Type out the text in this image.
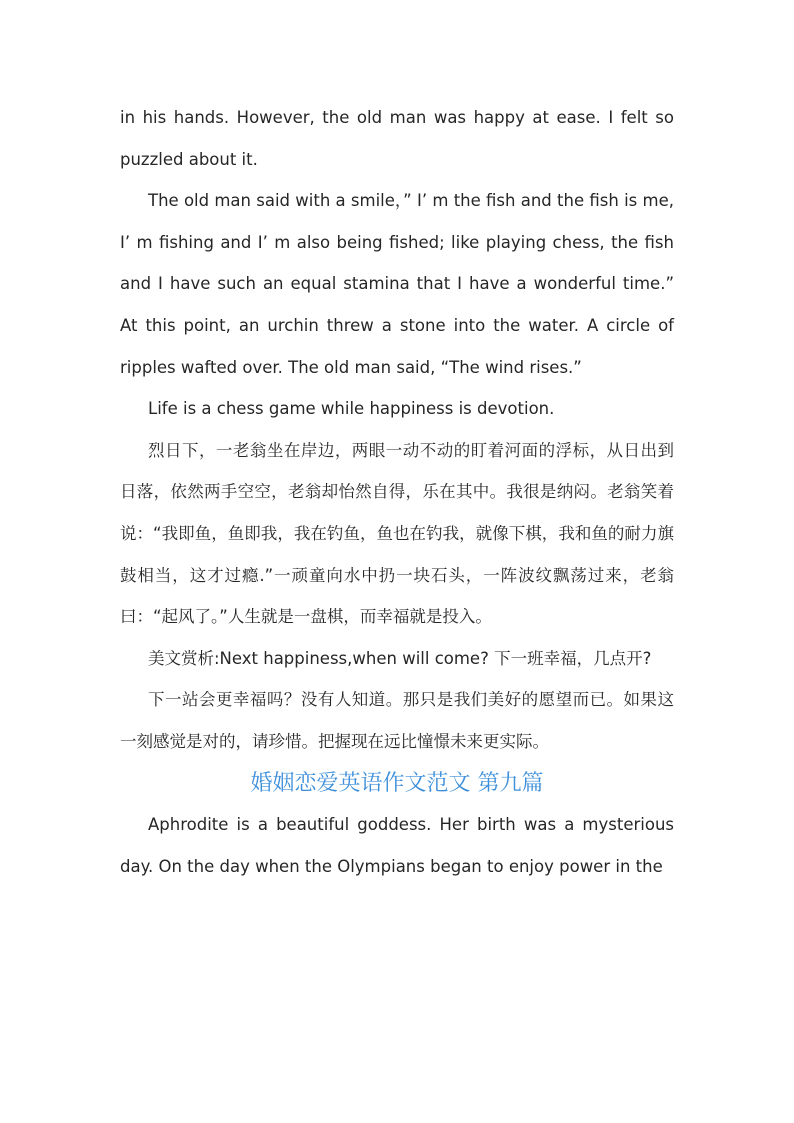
in his hands. However, the old man was happy at ease. I felt so puzzled about it.

The old man said with a smile，” I’ m the fish and the fish is me, I’ m fishing and I’ m also being fished; like playing chess, the fish and I have such an equal stamina that I have a wonderful time.” At this point, an urchin threw a stone into the water. A circle of ripples wafted over. The old man said, “The wind rises.”

Life is a chess game while happiness is devotion.

烈日下，一老翁坐在岸边，两眼一动不动的盯着河面的浮标，从日出到日落，依然两手空空，老翁却怡然自得，乐在其中。我很是纳闷。老翁笑着说：“我即鱼，鱼即我，我在钓鱼，鱼也在钓我，就像下棋，我和鱼的耐力旗鼓相当，这才过瘾.”一顽童向水中扔一块石头，一阵波纹飘荡过来，老翁曰：“起风了。”人生就是一盘棋，而幸福就是投入。

美文赏析:Next happiness,when will come? 下一班幸福，几点开?

下一站会更幸福吗？没有人知道。那只是我们美好的愿望而已。如果这一刻感觉是对的，请珍惜。把握现在远比憧憬未来更实际。

婚姻恋爱英语作文范文 第九篇

Aphrodite is a beautiful goddess. Her birth was a mysterious day. On the day when the Olympians began to enjoy power in the
